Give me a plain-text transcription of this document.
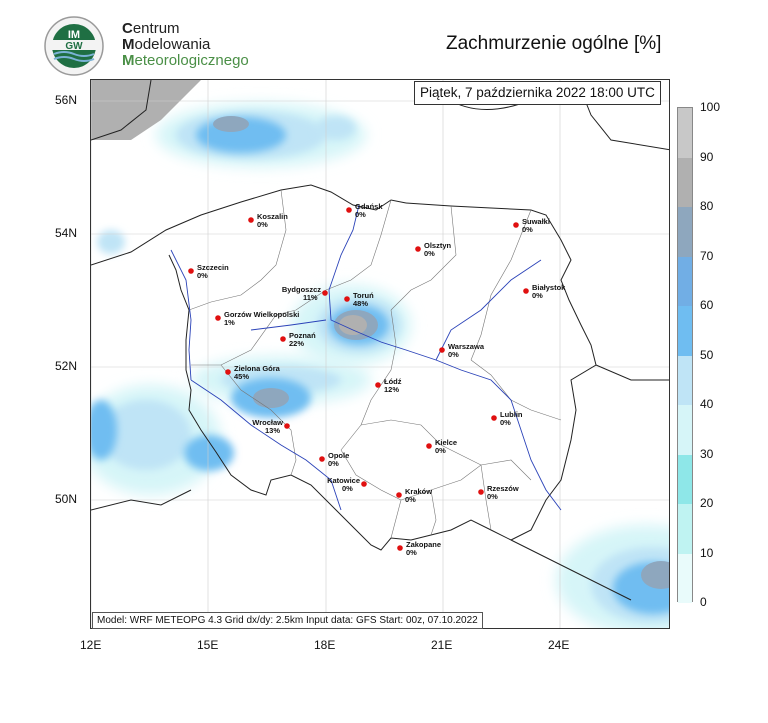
IM
GW
Centrum
Modelowania
Meteorologicznego
Zachmurzenie ogólne [%]
Piątek, 7 października 2022 18:00 UTC
Koszalin
0%
Gdańsk
0%
Suwałki
0%
Olsztyn
0%
Szczecin
0%
Białystok
0%
Bydgoszcz
11%	Toruń
48%
Gorzów Wielkopolski
1%
Poznań
22%	Warszawa
0%
Zielona Góra
45%
Łódź
12%
Lublin
0%
Wrocław
13%
Kielce
0%
Opole
0%
Katowice
0%	Rzeszów
0%
Kraków
0%
Zakopane
0%
Model: WRF METEOPG 4.3 Grid dx/dy: 2.5km Input data: GFS Start: 00z, 07.10.2022
56N
54N
52N
50N
12E	15E	18E	21E	24E
100
90
80
70
60
50
40
30
20
10
0
